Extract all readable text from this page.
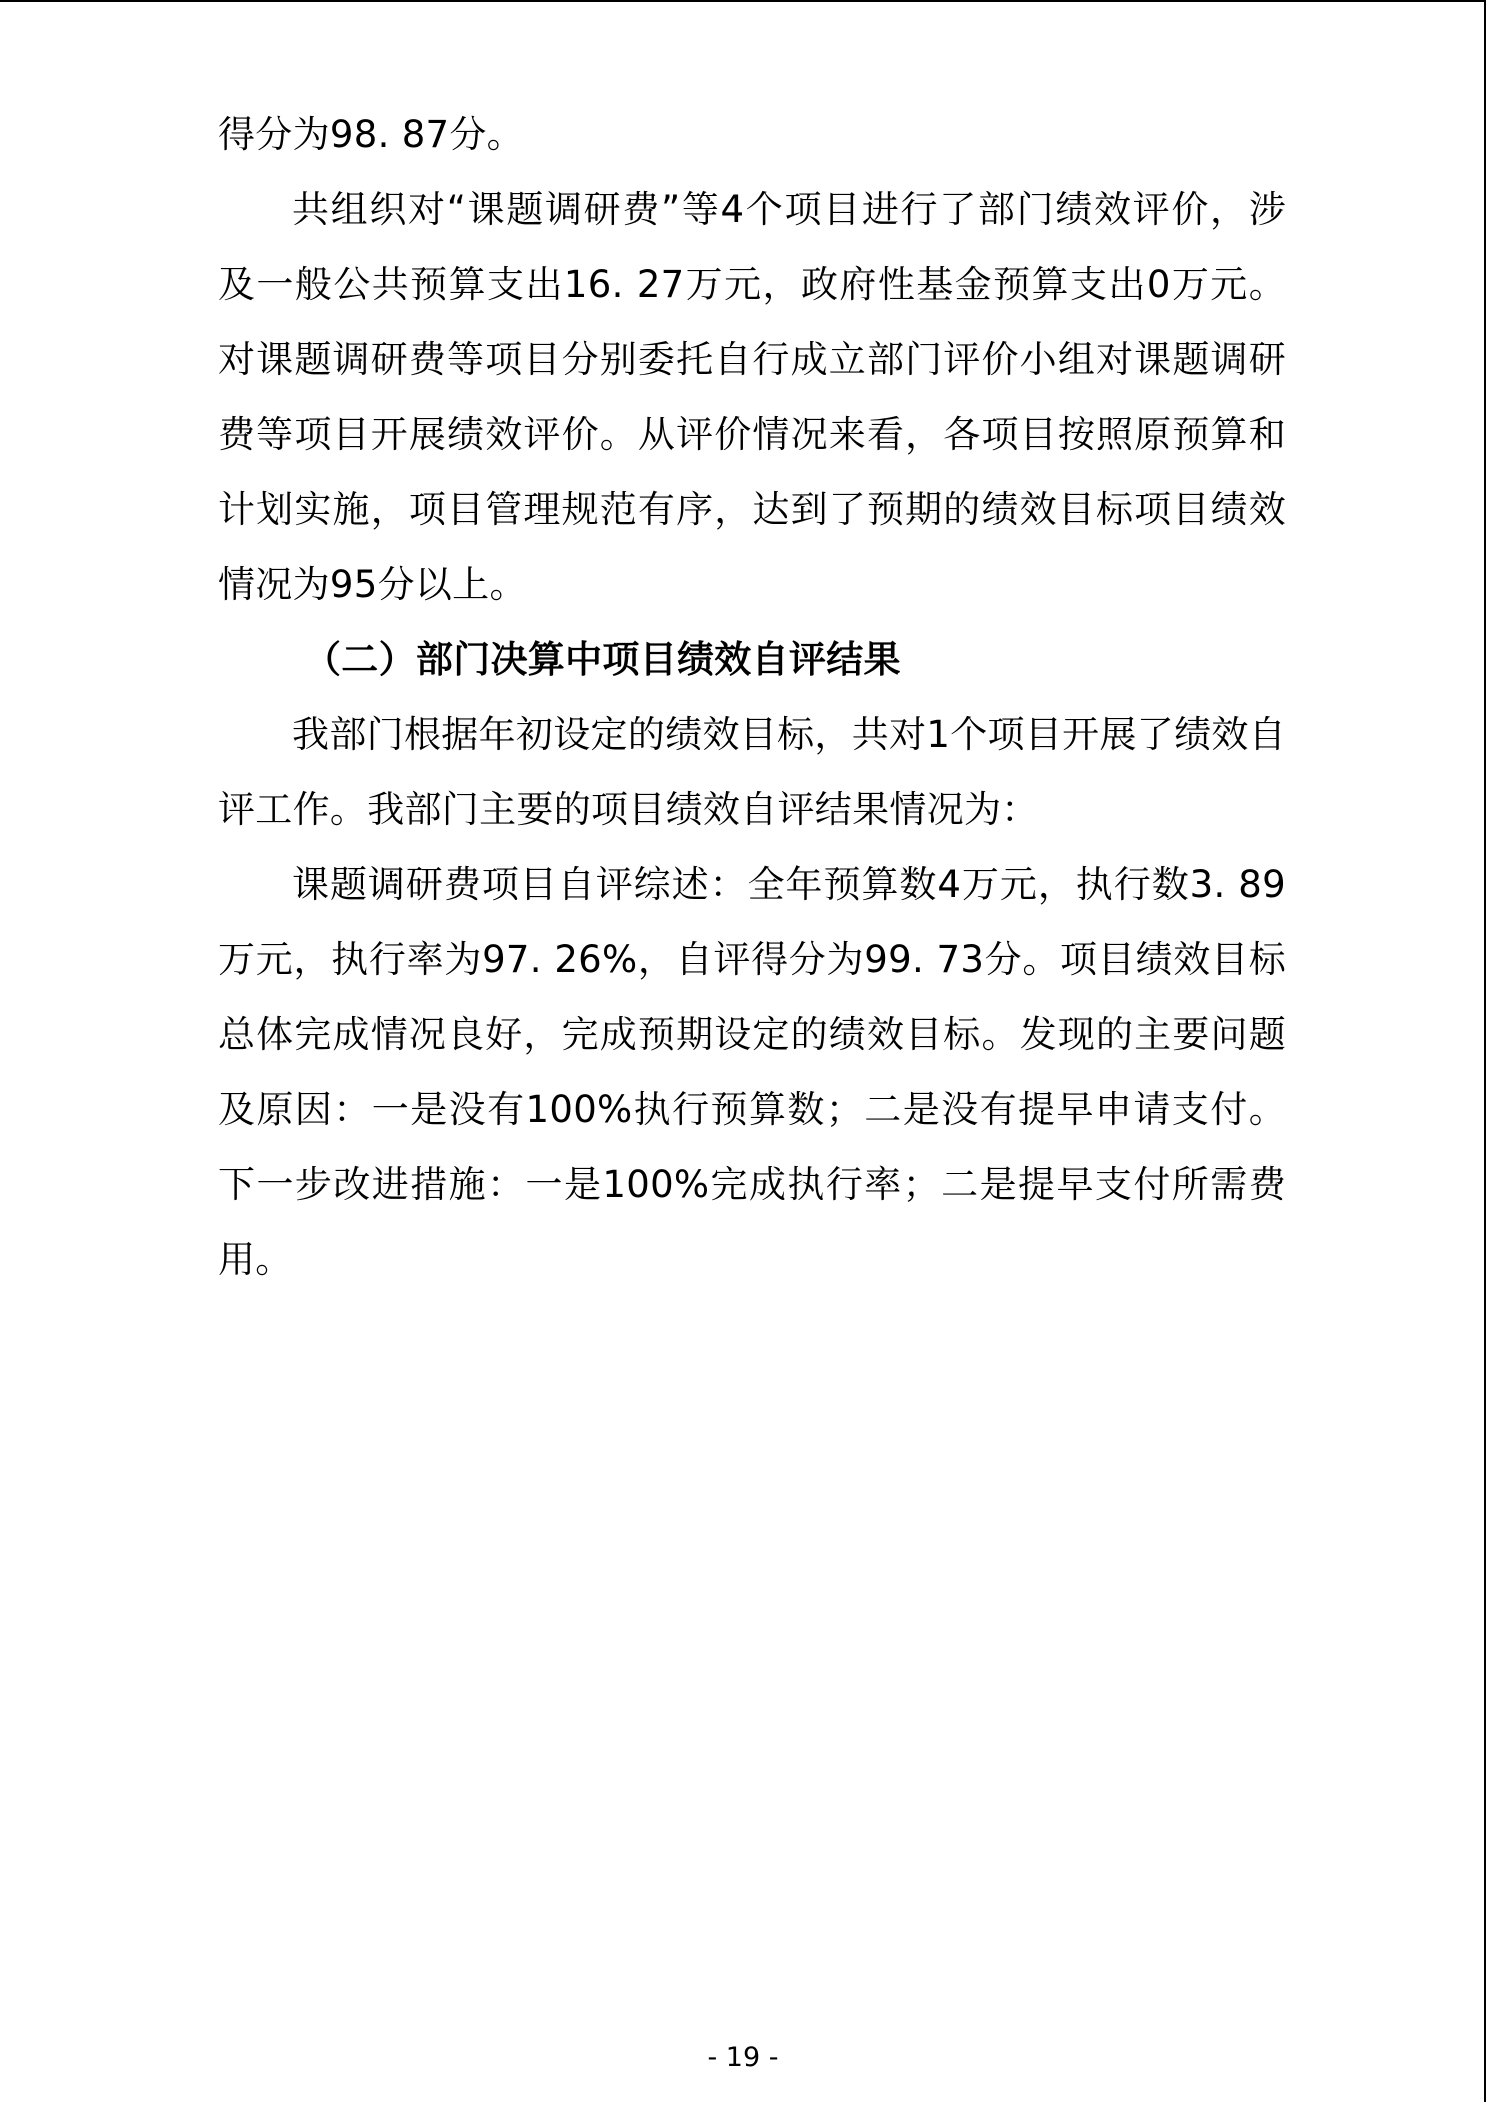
得分为98. 87分。

共组织对“课题调研费”等4个项目进行了部门绩效评价，涉及一般公共预算支出16. 27万元，政府性基金预算支出0万元。对课题调研费等项目分别委托自行成立部门评价小组对课题调研费等项目开展绩效评价。从评价情况来看，各项目按照原预算和计划实施，项目管理规范有序，达到了预期的绩效目标项目绩效情况为95分以上。

（二）部门决算中项目绩效自评结果

我部门根据年初设定的绩效目标，共对1个项目开展了绩效自评工作。我部门主要的项目绩效自评结果情况为：

课题调研费项目自评综述：全年预算数4万元，执行数3. 89万元，执行率为97. 26%，自评得分为99. 73分。项目绩效目标总体完成情况良好，完成预期设定的绩效目标。发现的主要问题及原因：一是没有100%执行预算数；二是没有提早申请支付。下一步改进措施：一是100%完成执行率；二是提早支付所需费用。

- 19 -
